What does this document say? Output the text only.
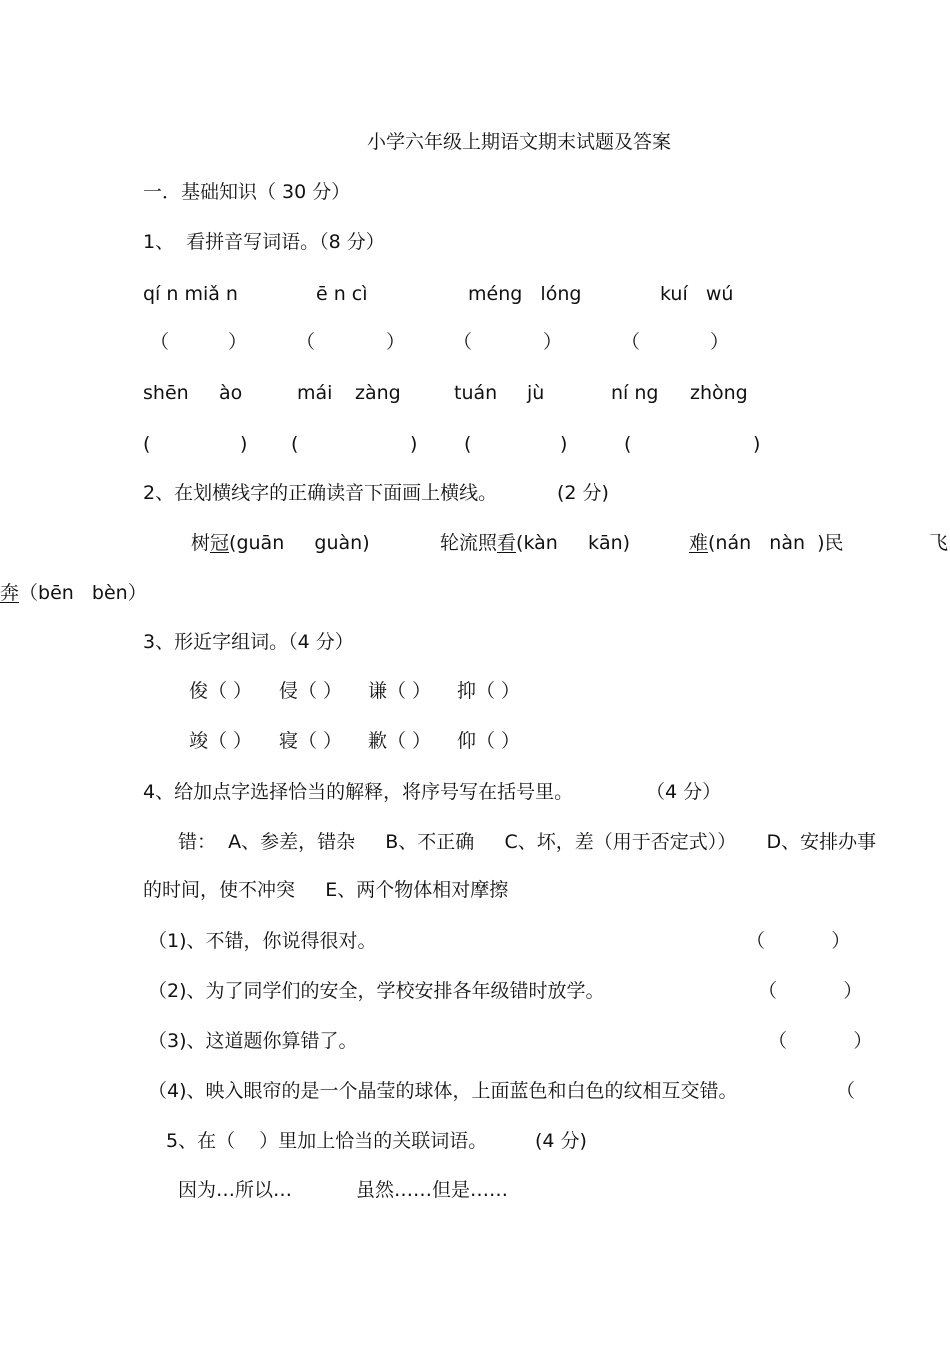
小学六年级上期语文期末试题及答案
一．基础知识（ 30 分）
1、  看拼音写词语。（8 分）
qí n miǎ n	ē n cì	méng   lóng	kuí   wú
（	）	（	）	（	）	（	）
shēn ào	mái zàng	tuán jù	ní ng zhòng
(	) (	) (	)	(	)
2、在划横线字的正确读音下面画上横线。	(2 分)
树冠(guān     guàn)	轮流照看(kàn     kān)	难(nán   nàn  )民	飞
奔（bēn   bèn）
3、形近字组词。（4 分）
俊（ ） 侵（ ） 谦（ ） 抑（ ）
竣（ ） 寝（ ） 歉（ ） 仰（ ）
4、给加点字选择恰当的解释，将序号写在括号里。	（4 分）
错：  A、参差，错杂     B、不正确     C、坏，差（用于否定式））     D、安排办事
的时间，使不冲突     E、两个物体相对摩擦
（1)、不错，你说得很对。	（           ）
（2)、为了同学们的安全，学校安排各年级错时放学。	（           ）
（3)、这道题你算错了。	（           ）
（4)、映入眼帘的是一个晶莹的球体，上面蓝色和白色的纹相互交错。	（
5、在（    ）里加上恰当的关联词语。	(4 分)
因为…所以…	虽然……但是……
